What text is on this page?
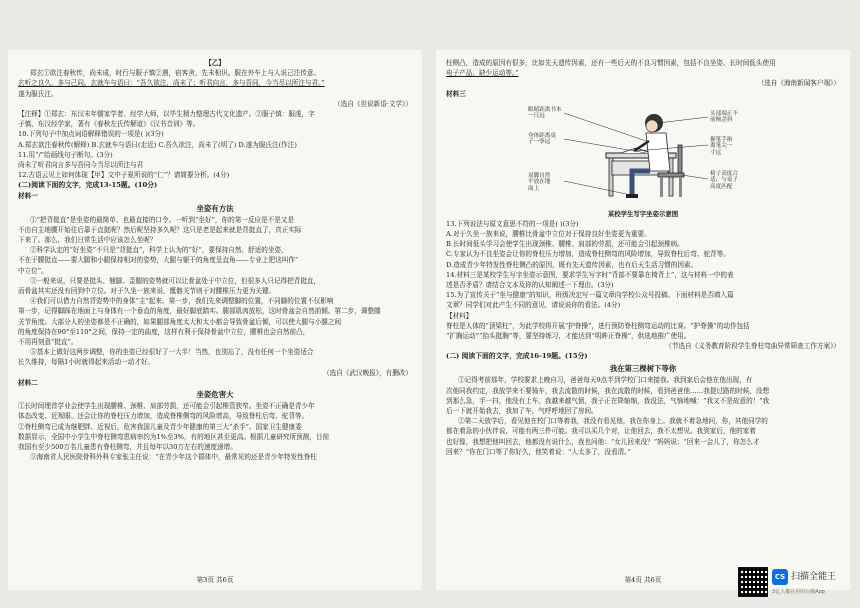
【乙】

郑玄①欲注春秋传，尚未成，时行与服子慎②遇，宿客舍，先未相识。服在外车上与人说己注传意。

玄听之良久，多与己同。玄就车与语曰：“吾久欲注，尚未了；听君向言，多与吾同，今当尽以所注与君。”

遂为服氏注。

（选自《世说新语·文学》）

【注释】①郑玄：东汉末年儒家学者、经学大师，以毕生精力整理古代文化遗产。②服子慎：服虔，字

子慎，东汉经学家，著有《春秋左氏传解谊》《汉书音训》等。

10.下列句子中加点词语解释错误的一项是( )(3分)

A.郑玄欲注春秋传(解释) B.玄就车与语曰(走近) C.吾久欲注，尚未了(明了) D.遂为服氏注(作注)

11.用“/”给画线句子断句。(3分)

尚未了听君向言多与吾同今当尽以所注与君

12.古语云见上如何体现【甲】文中子夏所说的“仁”？请简要分析。(4分)

(二)阅读下面的文字，完成13-15题。(10分)

材料一

坐姿有方法

①“把背挺直”是坐姿的最简单、也最直接的口令。一听到“坐好”，你的第一反应是不是又是

不由自主地腰开始往后靠于直挺呢？然后呢坚持多久呢？这只是老是起来就是背挺直了，真正实际

下来了。那么，我们日常生活中应该怎么坐呢？

②科学认定的“好坐姿”不只是“背挺直”，科学上认为的“好”，要保持自然、舒适的坐姿，

不在于腰挺直——要大腿和小腿保持相对的姿势，大腿与躯干的角度呈直角——专业上把这叫作“

中立位”。

③一般来说，只要是挺头、翘脚、歪腿的姿势就可以让骨盆处于中立位，但很多人只记得把背挺直，

而骨盆其实还没有回到中立位。对于久坐一族来说，骶髂关节则于对腰椎压力更为关键。

④我们可以借力自然背姿势中的身体“主”起来。第一步，我们先来调整脚的位置，不同脚的位置不仅影响

第一步，记得脚踩在地面上与身体有一个垂直的角度，最好脚底踏实。腿部肌肉放松，这时骨盆会自然前倾。第二步，调整膝

关节角度。大部分人的坐姿都是不正确的，如果腿部角度太大和太小都会导致骨盆后倾，可以使大腿与小腿之间

的角度保持在90°至110°之间，保持一定的曲度，这样有利于保持骨盆中立位，腰椎也会自然前凸，

不用再刻意“挺直”。

⑤基本上做好这两步调整，你的坐姿已经很好了一大半！当然，也别忘了，没有任何一个坐姿适合

长久维持，每隔1小时就得起来活动一动才好。

（选自《武汉晚报》，有删改）

材料二

坐姿危害大

①长时间埋首学业会使学生出现腰椎、颈椎、肩部劳损，还可能会引起椎管狭窄。坐姿不正确是青少年

体态改变、近视眼、还会让你的脊柱压力增加，造成脊椎侧弯的风险增高，导致脊柱后弯、驼背等。

②脊柱侧弯已成为继肥胖、近视后，危害我国儿童及青少年健康的第三大“杀手”。国家卫生健康委

数据显示，全国中小学生中脊柱侧弯患病率约为1%至3%，有的地区甚至更高。根据儿童研究所预测，目前

我国有至少500万名儿童患有脊柱侧弯，并且每年以30万左右的速度递增。

③海南省人民医院骨科外科专家张主任说：“在青少年这个群体中，最常见的还是青少年特发性脊柱

第3页 共6页

柱侧凸，造成的原因有很多，比如先天遗传因素，还有一些后天的不良习惯因素，包括不良坐姿、长时间低头使用

电子产品、缺少运动等。”

（选自《海南新闻客户端》）

材料三

眼睛距离书本
一尺远
身体距离桌
子一拳远
双脚自然
平放在地
面上
头部端正不
前倾歪斜
握笔手指
离笔尖一
寸远
椅子高度合
适，与桌子
高度匹配
某校学生写字坐姿示意图

13.下列说法与原文意思不符的一项是( )(3分)

A.对于久坐一族来说，腰椎比骨盆中立位对于保持良好坐姿更为重要。

B.长时间低头学习会使学生出现颈椎、腰椎、肩部的劳损，还可能会引起颈椎病。

C.专家认为不良坐姿会让你的脊柱压力增加，造成脊柱侧弯的风险增加，导致脊柱后弯、驼背等。

D.造成青少年特发性脊柱侧凸的原因，既有先天遗传因素，也有后天生活习惯的因素。

14.材料三是某校学生写字坐姿示意图，要求学生写字时“背部不要靠在椅背上”，这与材料一中的表

述是否矛盾？请结合文本及你的认知阐述一下理由。(3分)

15.为了宣传关于“坐与健康”的知识，班级决定写一篇文章向学校公众号投稿。下面材料是否填入篇

文章？同学们对此产生不同的意见，请说说你的看法。(4分)

【材料】

脊柱是人体的“顶梁柱”，为此学校将开展“护脊操”，进行预防脊柱侧弯运动的比赛。“护脊操”的动作包括

“扩胸运动”“抬头挺胸”等，要坚持练习，才能达到“明眸正脊操”，供选地推广使用。

（节选自《义务教育阶段学生脊柱弯曲异常筛查工作方案》）

(二) 阅读下面的文字，完成16-19题。(15分)

我在第三棵树下等你

①记得考前那年，学校要求上晚自习，爸爸每天9点半到学校门口来接我。我到家后会他在他出现，有

次他同我约定，我放学来不要骑车，我去流散的时候，我在流散的时候，看到爸爸他……我提过路的时候，没想

到那么急，手一抖，他没有上车。我越来越气愤，我子正在降缩缩，我没法，气恼地喊：“我又不是故意的！”我

后一下就开始我去，我加了车，气呼呼地回了房间。

②第二天放学后，看见他在校门口等着我，我没有看见他，我在你身上。我就不着急地问，你，其他同学的

都在着急的小伙伴说，可能有两三件可能。我可以买几个对，让他回去，我不太想见。我到家后，他的家着

也好像，我想把他叫回去，他都没有说什么，我也问他：“女儿回来没？”妈妈说：“回来一会儿了，你怎么才

回来？”你在门口等了你好久，他笑着说：“人太多了，没看清。”

第4页 共6页	CS 扫描全能王
3亿人都在用的扫描App
